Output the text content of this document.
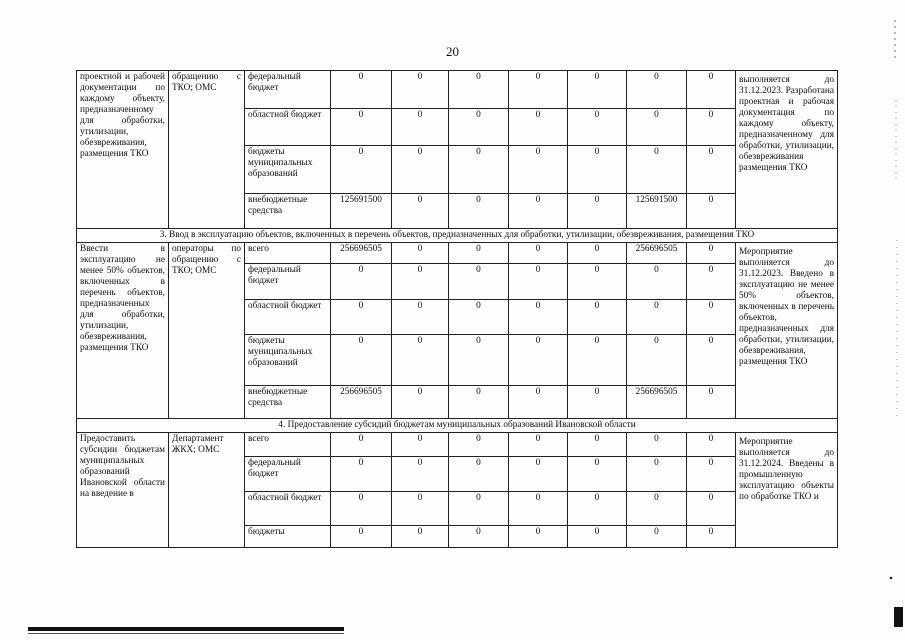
20
проектной и рабочей документации по каждому объекту, предназначенному для обработки, утилизации, обезвреживания, размещения ТКО	обращению с ТКО; ОМС	федеральный бюджет	0	0	0	0	0	0	0	выполняется до 31.12.2023. Разработана проектная и рабочая документация по каждому объекту, предназначенному для обработки, утилизации, обезвреживания размещения ТКО
		областной бюджет	0	0	0	0	0	0	0	
		бюджеты муниципальных образований	0	0	0	0	0	0	0	
		внебюджетные средства	125691500	0	0	0	0	125691500	0	
3. Ввод в эксплуатацию объектов, включенных в перечень объектов, предназначенных для обработки, утилизации, обезвреживания, размещения ТКО										
Ввести в эксплуатацию не менее 50% объектов, включенных в перечень объектов, предназначенных для обработки, утилизации, обезвреживания, размещения ТКО	операторы по обращению с ТКО; ОМС	всего	256696505	0	0	0	0	256696505	0	Мероприятие выполняется до 31.12.2023. Введено в эксплуатацию не менее 50% объектов, включенных в перечень объектов, предназначенных для обработки, утилизации, обезвреживания, размещения ТКО
		федеральный бюджет	0	0	0	0	0	0	0	
		областной бюджет	0	0	0	0	0	0	0	
		бюджеты муниципальных образований	0	0	0	0	0	0	0	
		внебюджетные средства	256696505	0	0	0	0	256696505	0	
4. Предоставление субсидий бюджетам муниципальных образований Ивановской области										
Предоставить субсидии бюджетам муниципальных образований Ивановской области на введение в	Департамент ЖКХ; ОМС	всего	0	0	0	0	0	0	0	Мероприятие выполняется до 31.12.2024. Введены в промышленную эксплуатацию объекты по обработке ТКО и
		федеральный бюджет	0	0	0	0	0	0	0	
		областной бюджет	0	0	0	0	0	0	0	
		бюджеты	0	0	0	0	0	0	0	
